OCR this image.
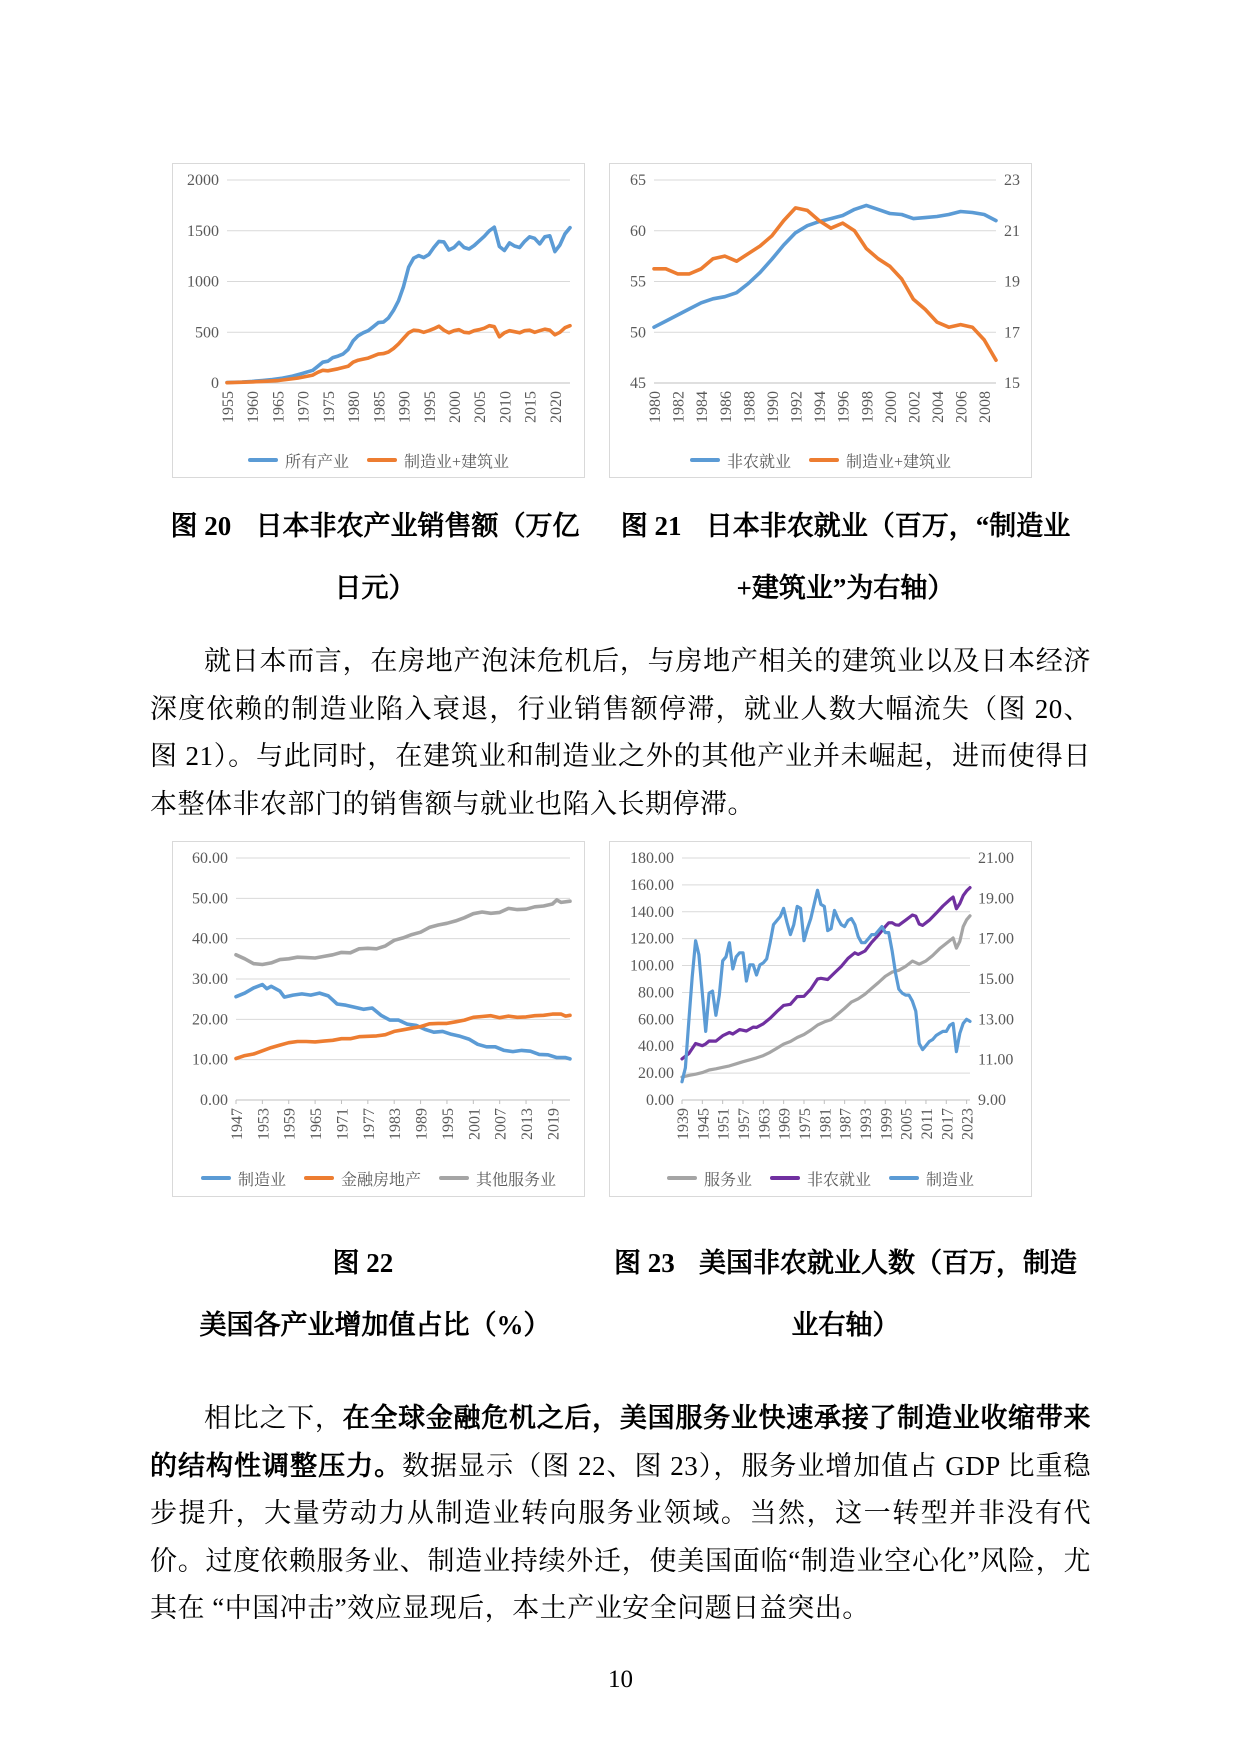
0
500
1000
1500
2000
1955 1960 1965 1970 1975 1980 1985 1990 1995 2000 2005 2010 2015 2020
所有产业	制造业+建筑业
45
50
55
60
65
15
17
19
21
23
1980 1982 1984 1986 1988 1990 1992 1994 1996 1998 2000 2002 2004 2006 2008
非农就业	制造业+建筑业
图 20 日本非农产业销售额（万亿日元）
图 21 日本非农就业（百万，“制造业+建筑业”为右轴）

就日本而言，在房地产泡沫危机后，与房地产相关的建筑业以及日本经济深度依赖的制造业陷入衰退，行业销售额停滞，就业人数大幅流失（图 20、图 21）。与此同时，在建筑业和制造业之外的其他产业并未崛起，进而使得日本整体非农部门的销售额与就业也陷入长期停滞。

0.00
10.00
20.00
30.00
40.00
50.00
60.00
1947 1953 1959 1965 1971 1977 1983 1989 1995 2001 2007 2013 2019
制造业	金融房地产	其他服务业
0.00
20.00
40.00
60.00
80.00
100.00
120.00
140.00
160.00
180.00
9.00
11.00
13.00
15.00
17.00
19.00
21.00
1939 1945 1951 1957 1963 1969 1975 1981 1987 1993 1999 2005 2011 2017 2023
服务业	非农就业	制造业
图 22美国各产业增加值占比（%）
图 23 美国非农就业人数（百万，制造业右轴）

相比之下，在全球金融危机之后，美国服务业快速承接了制造业收缩带来的结构性调整压力。数据显示（图 22、图 23），服务业增加值占 GDP 比重稳步提升，大量劳动力从制造业转向服务业领域。当然，这一转型并非没有代价。过度依赖服务业、制造业持续外迁，使美国面临“制造业空心化”风险，尤其在 “中国冲击”效应显现后，本土产业安全问题日益突出。

10
